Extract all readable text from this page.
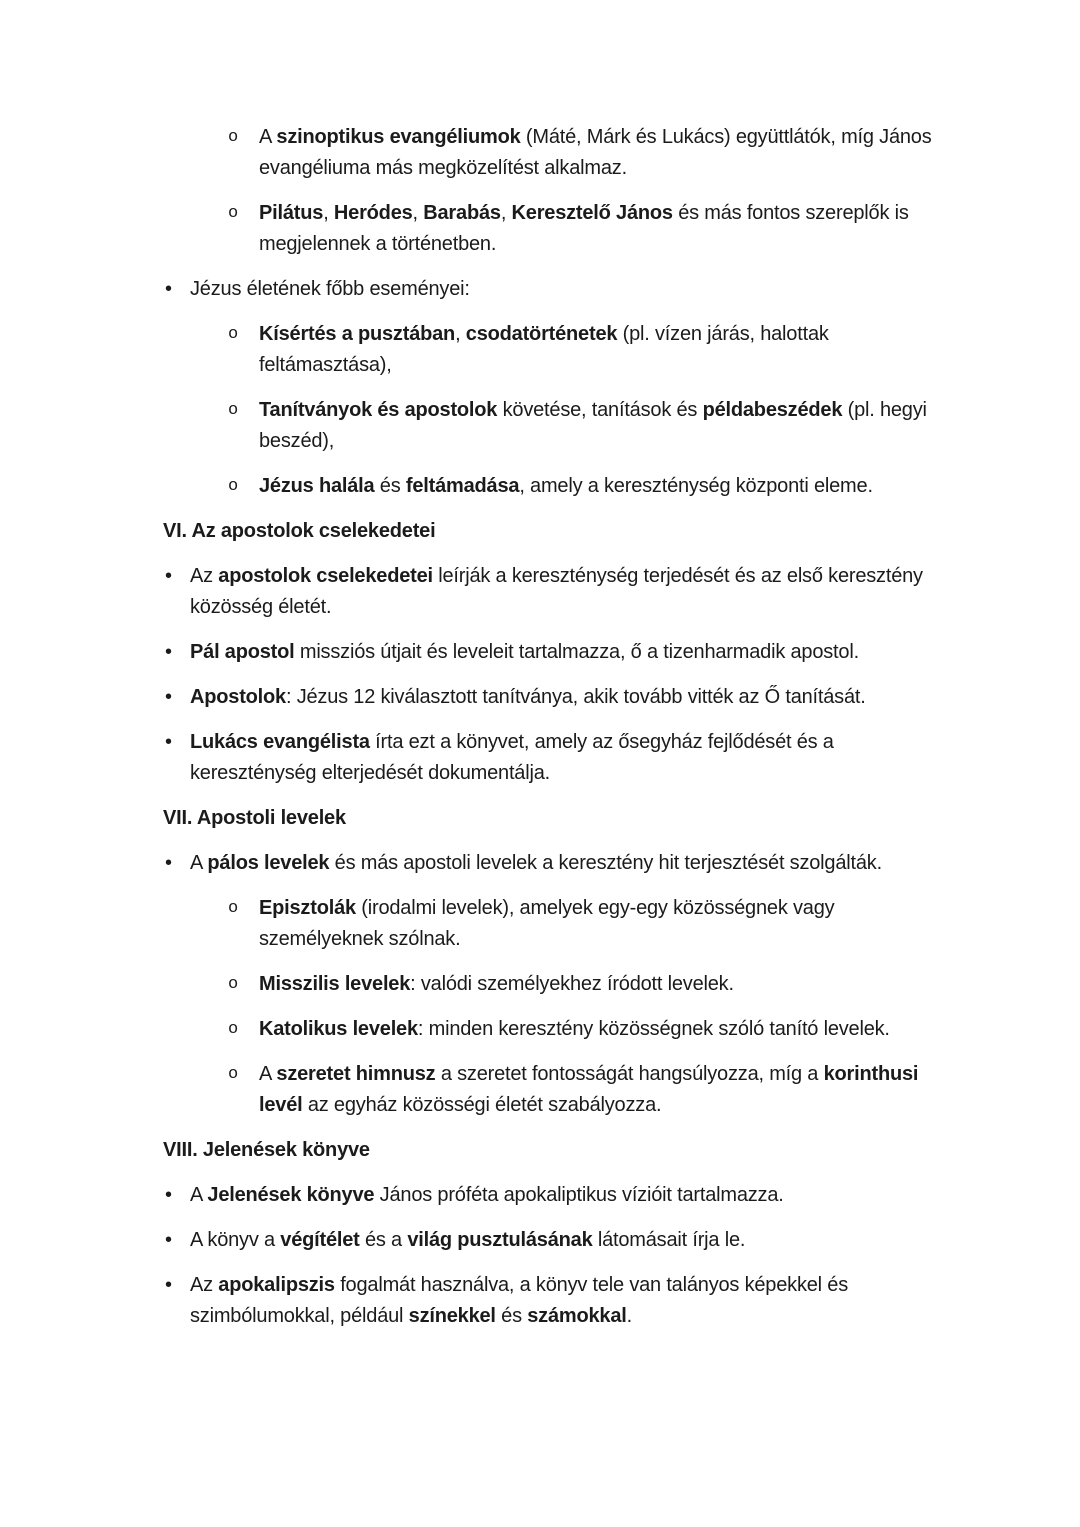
o	A szinoptikus evangéliumok (Máté, Márk és Lukács) együttlátók, míg János evangéliuma más megközelítést alkalmaz.
o	Pilátus, Heródes, Barabás, Keresztelő János és más fontos szereplők is megjelennek a történetben.
• Jézus életének főbb eseményei:
o	Kísértés a pusztában, csodatörténetek (pl. vízen járás, halottak feltámasztása),
o	Tanítványok és apostolok követése, tanítások és példabeszédek (pl. hegyi beszéd),
o	Jézus halála és feltámadása, amely a kereszténység központi eleme.
VI. Az apostolok cselekedetei
• Az apostolok cselekedetei leírják a kereszténység terjedését és az első keresztény közösség életét.
• Pál apostol missziós útjait és leveleit tartalmazza, ő a tizenharmadik apostol.
• Apostolok: Jézus 12 kiválasztott tanítványa, akik tovább vitték az Ő tanítását.
• Lukács evangélista írta ezt a könyvet, amely az ősegyház fejlődését és a kereszténység elterjedését dokumentálja.
VII. Apostoli levelek
• A pálos levelek és más apostoli levelek a keresztény hit terjesztését szolgálták.
o	Episztolák (irodalmi levelek), amelyek egy-egy közösségnek vagy személyeknek szólnak.
o	Misszilis levelek: valódi személyekhez íródott levelek.
o	Katolikus levelek: minden keresztény közösségnek szóló tanító levelek.
o	A szeretet himnusz a szeretet fontosságát hangsúlyozza, míg a korinthusi levél az egyház közösségi életét szabályozza.
VIII. Jelenések könyve
• A Jelenések könyve János próféta apokaliptikus vízióit tartalmazza.
• A könyv a végítélet és a világ pusztulásának látomásait írja le.
• Az apokalipszis fogalmát használva, a könyv tele van talányos képekkel és szimbólumokkal, például színekkel és számokkal.
